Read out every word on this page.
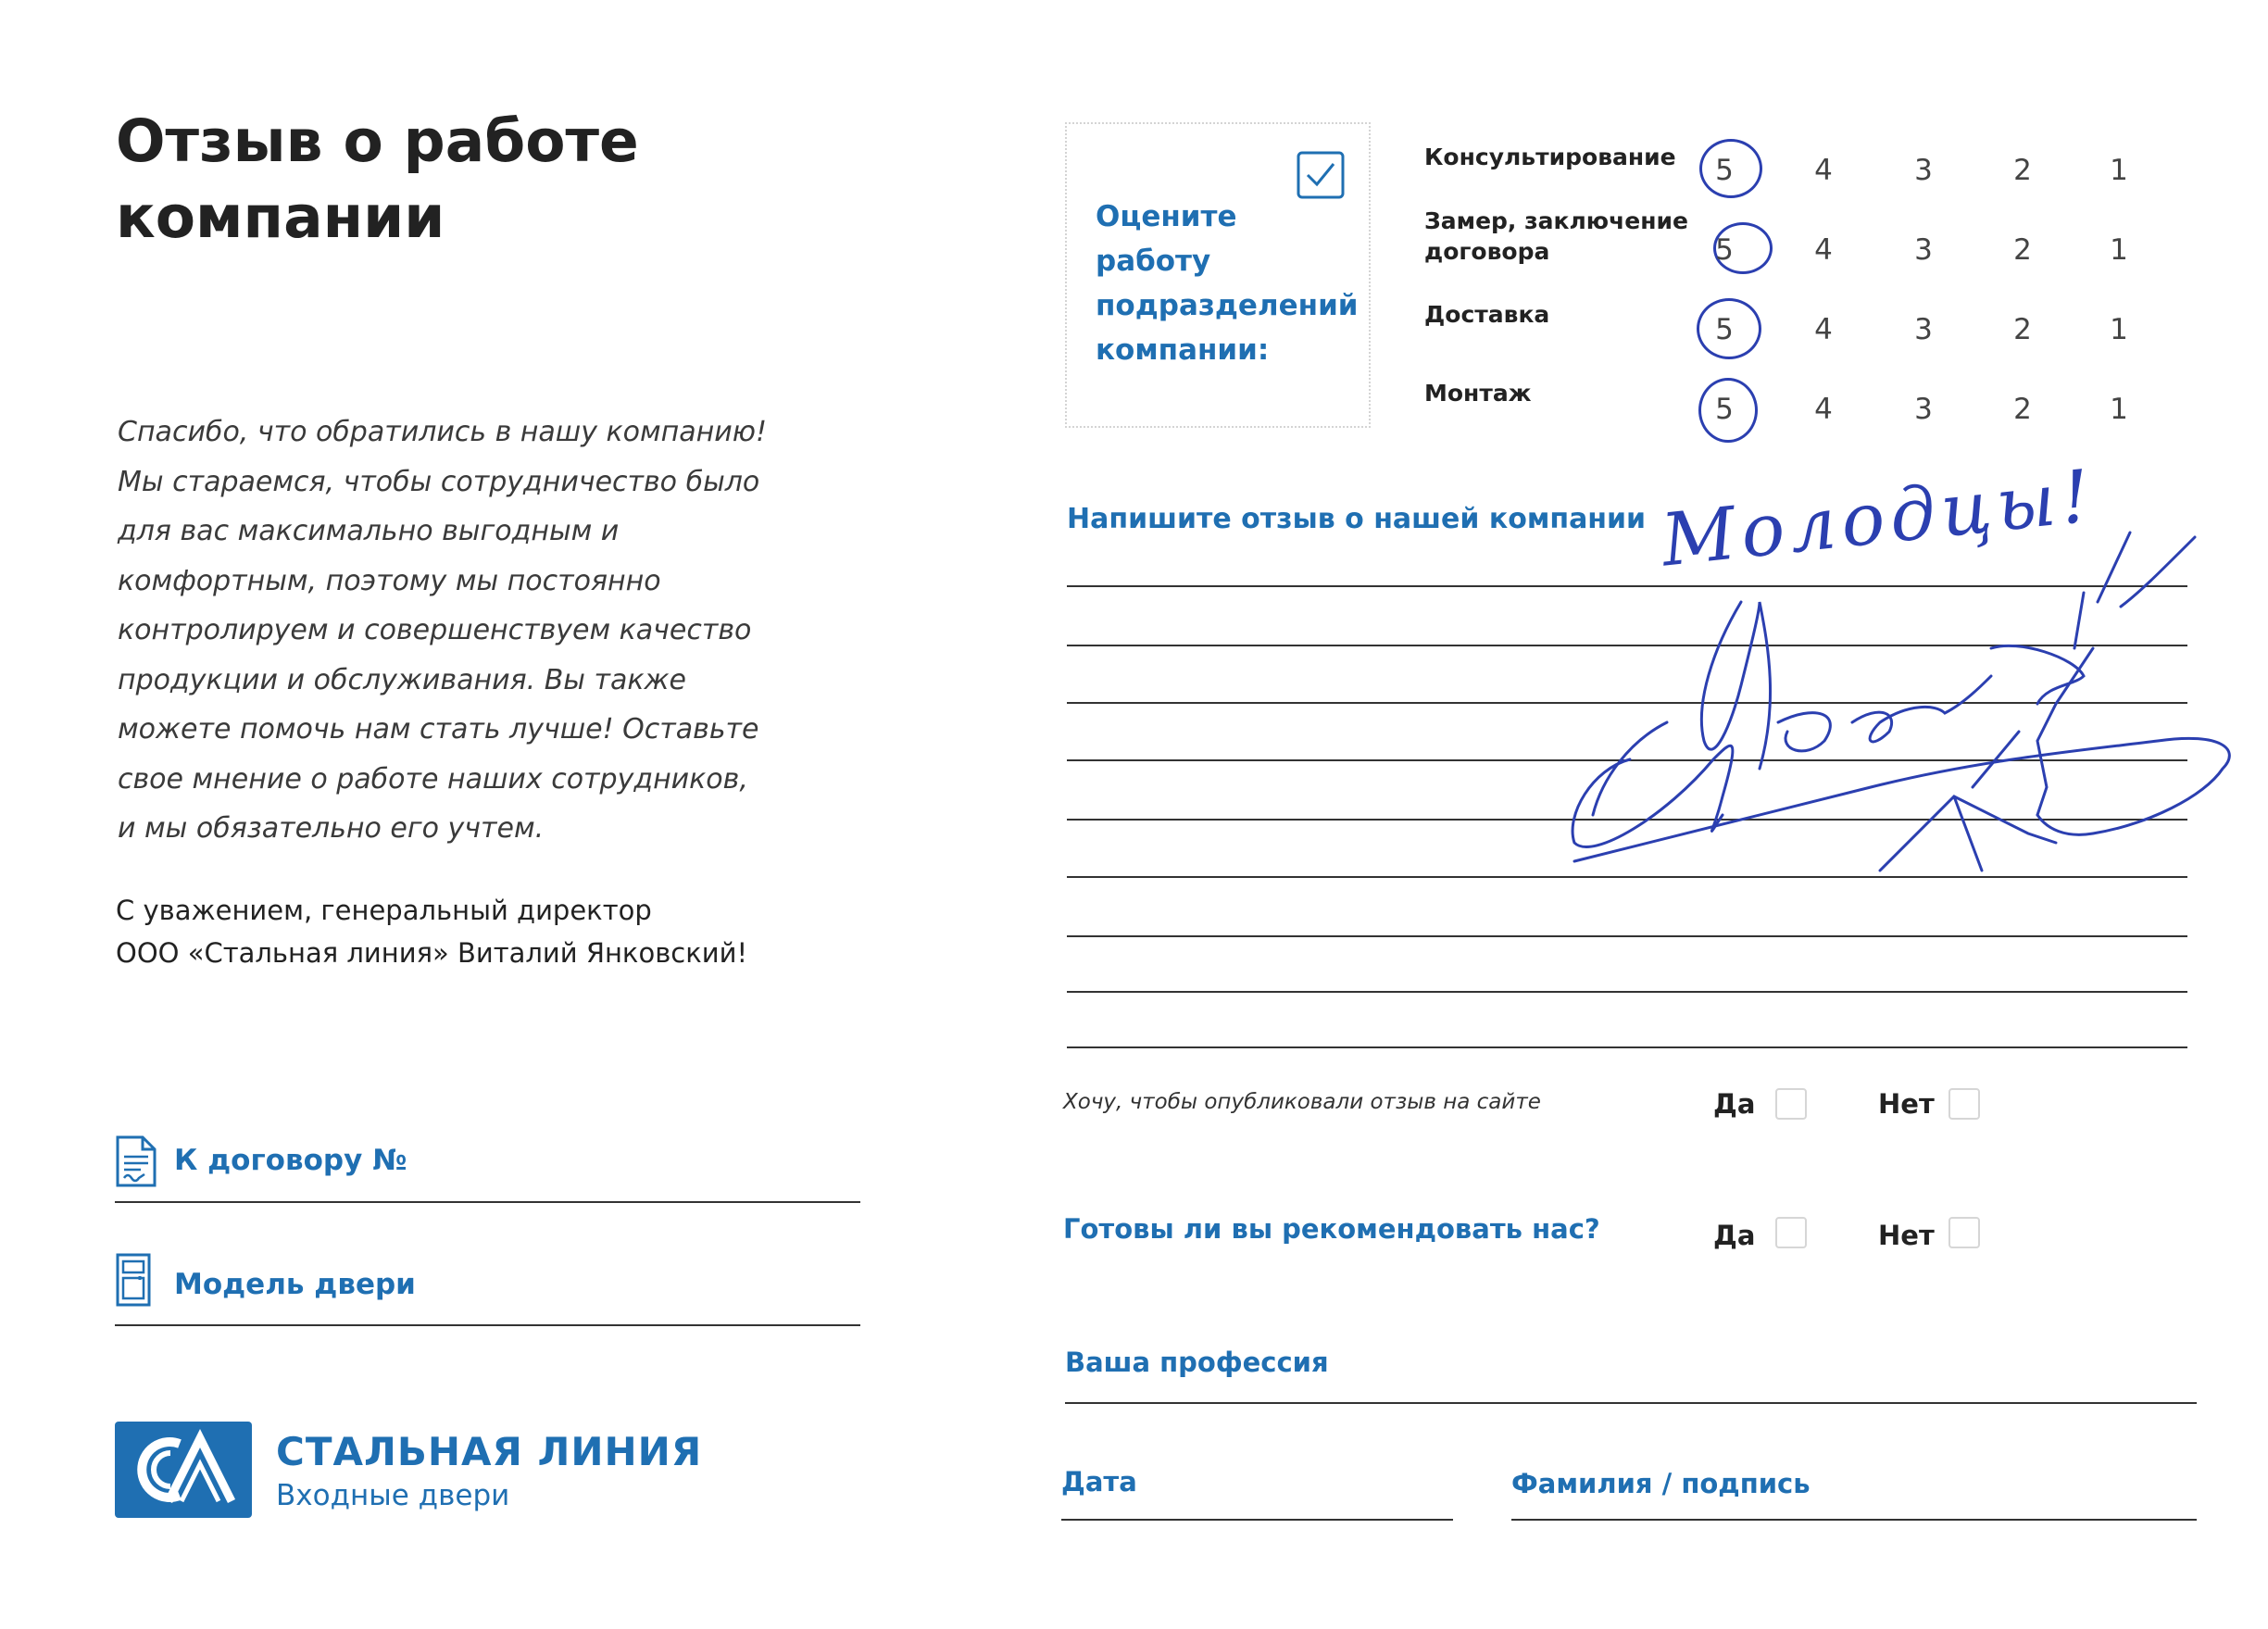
Отзыв о работе
компании
Спасибо, что обратились в нашу компанию!
Мы стараемся, чтобы сотрудничество было
для вас максимально выгодным и
комфортным, поэтому мы постоянно
контролируем и совершенствуем качество
продукции и обслуживания. Вы также
можете помочь нам стать лучше! Оставьте
свое мнение о работе наших сотрудников,
и мы обязательно его учтем.
С уважением, генеральный директор
ООО «Стальная линия» Виталий Янковский!
К договору №
Модель двери
СТАЛЬНАЯ ЛИНИЯ
Входные двери
Оцените
работу
подразделений
компании:
Консультирование	5	4	3	2	1
Замер, заключение
договора	5	4	3	2	1
Доставка	5	4	3	2	1
Монтаж	5	4	3	2	1
Напишите отзыв о нашей компании Молодцы!
Хочу, чтобы опубликовали отзыв на сайте	Да	Нет
Готовы ли вы рекомендовать нас?	Да	Нет
Ваша профессия
Дата	Фамилия / подпись
